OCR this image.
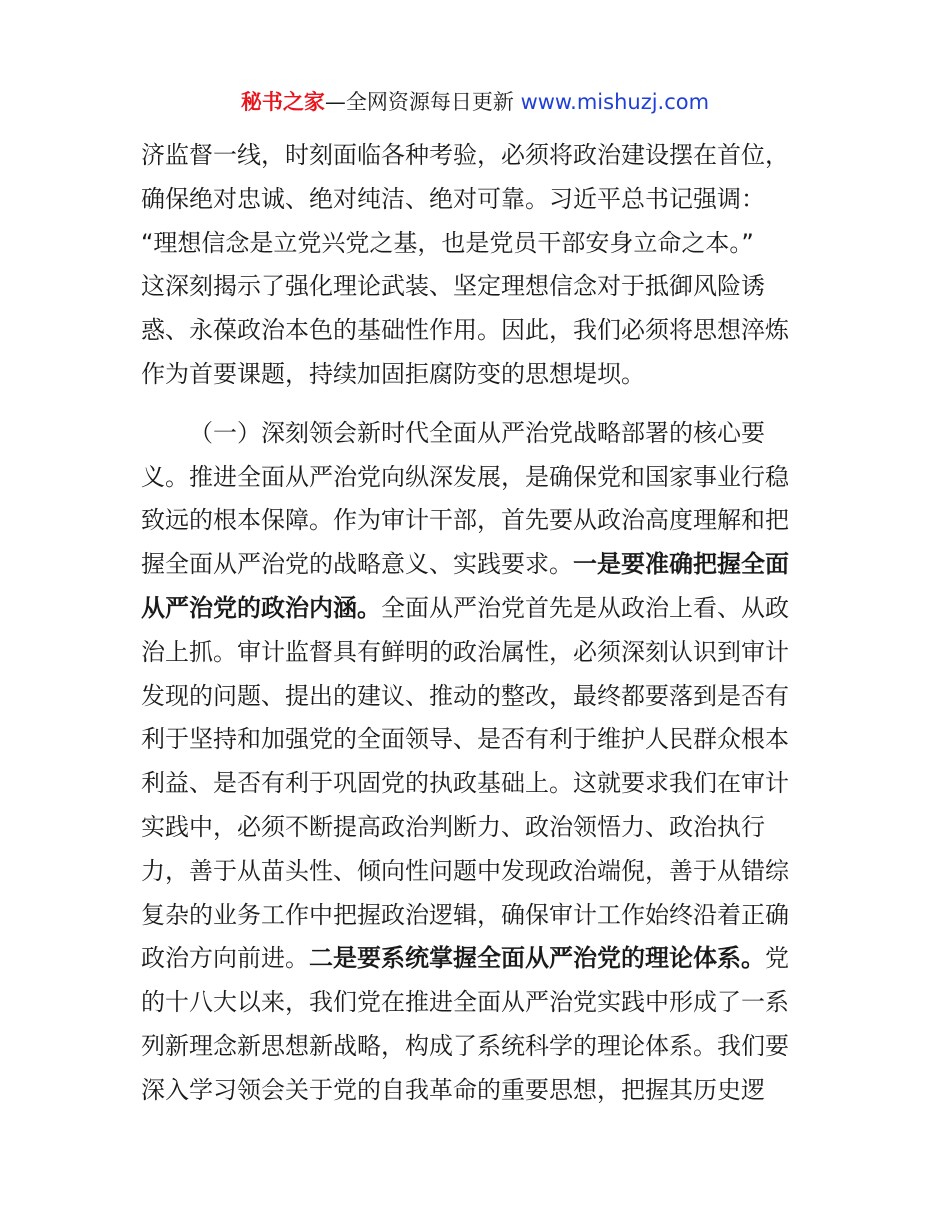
秘书之家—全网资源每日更新 www.mishuzj.com
济监督一线，时刻面临各种考验，必须将政治建设摆在首位，
确保绝对忠诚、绝对纯洁、绝对可靠。习近平总书记强调：
“理想信念是立党兴党之基，也是党员干部安身立命之本。”
这深刻揭示了强化理论武装、坚定理想信念对于抵御风险诱
惑、永葆政治本色的基础性作用。因此，我们必须将思想淬炼
作为首要课题，持续加固拒腐防变的思想堤坝。
（一）深刻领会新时代全面从严治党战略部署的核心要
义。推进全面从严治党向纵深发展，是确保党和国家事业行稳
致远的根本保障。作为审计干部，首先要从政治高度理解和把
握全面从严治党的战略意义、实践要求。一是要准确把握全面
从严治党的政治内涵。全面从严治党首先是从政治上看、从政
治上抓。审计监督具有鲜明的政治属性，必须深刻认识到审计
发现的问题、提出的建议、推动的整改，最终都要落到是否有
利于坚持和加强党的全面领导、是否有利于维护人民群众根本
利益、是否有利于巩固党的执政基础上。这就要求我们在审计
实践中，必须不断提高政治判断力、政治领悟力、政治执行
力，善于从苗头性、倾向性问题中发现政治端倪，善于从错综
复杂的业务工作中把握政治逻辑，确保审计工作始终沿着正确
政治方向前进。二是要系统掌握全面从严治党的理论体系。党
的十八大以来，我们党在推进全面从严治党实践中形成了一系
列新理念新思想新战略，构成了系统科学的理论体系。我们要
深入学习领会关于党的自我革命的重要思想，把握其历史逻
